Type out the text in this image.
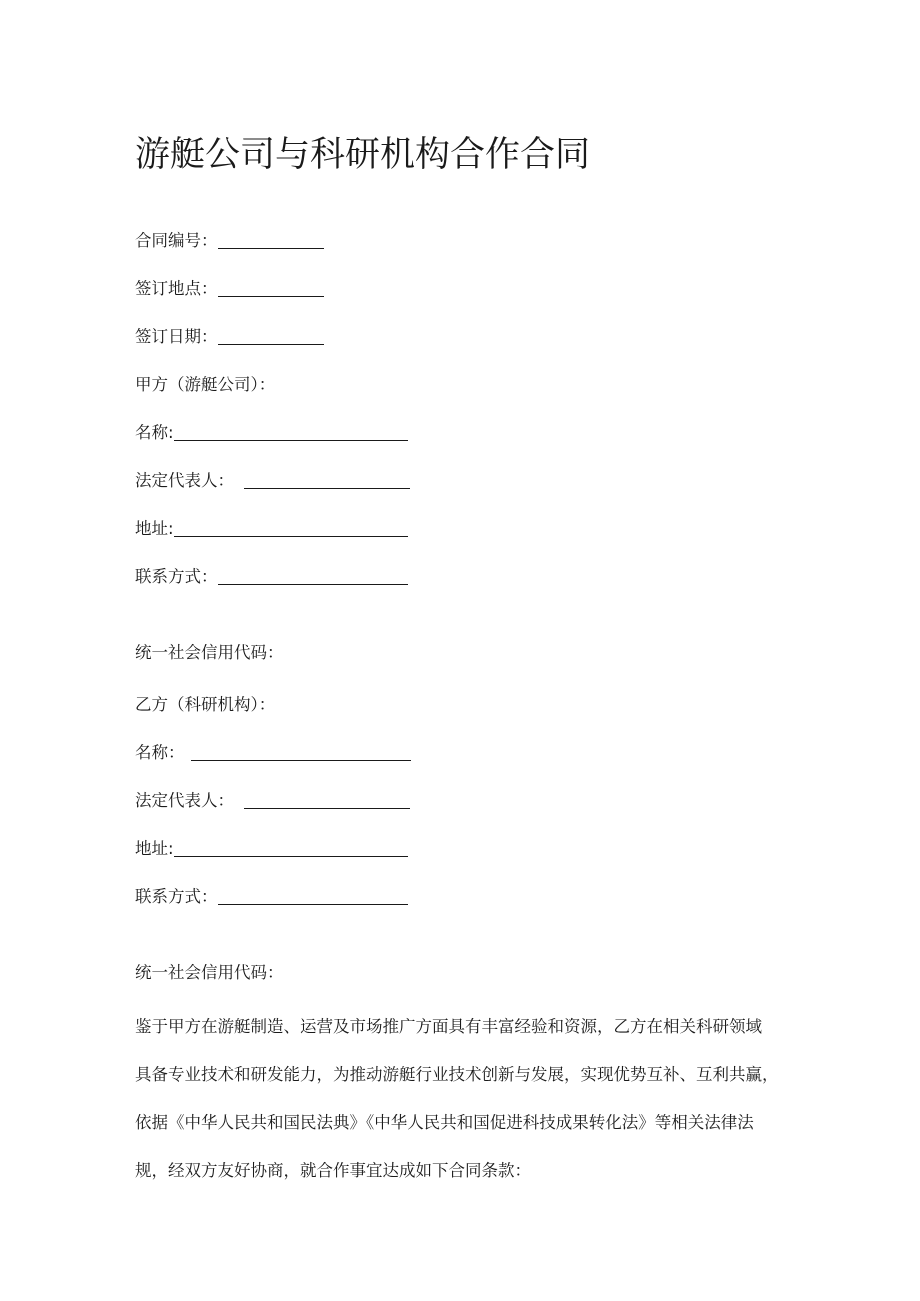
游艇公司与科研机构合作合同
合同编号：
签订地点：
签订日期：
甲方（游艇公司）：
名称:
法定代表人：
地址:
联系方式：
统一社会信用代码：
乙方（科研机构）：
名称：
法定代表人：
地址:
联系方式：
统一社会信用代码：
鉴于甲方在游艇制造、运营及市场推广方面具有丰富经验和资源，乙方在相关科研领域
具备专业技术和研发能力，为推动游艇行业技术创新与发展，实现优势互补、互利共赢，
依据《中华人民共和国民法典》《中华人民共和国促进科技成果转化法》等相关法律法
规，经双方友好协商，就合作事宜达成如下合同条款：
